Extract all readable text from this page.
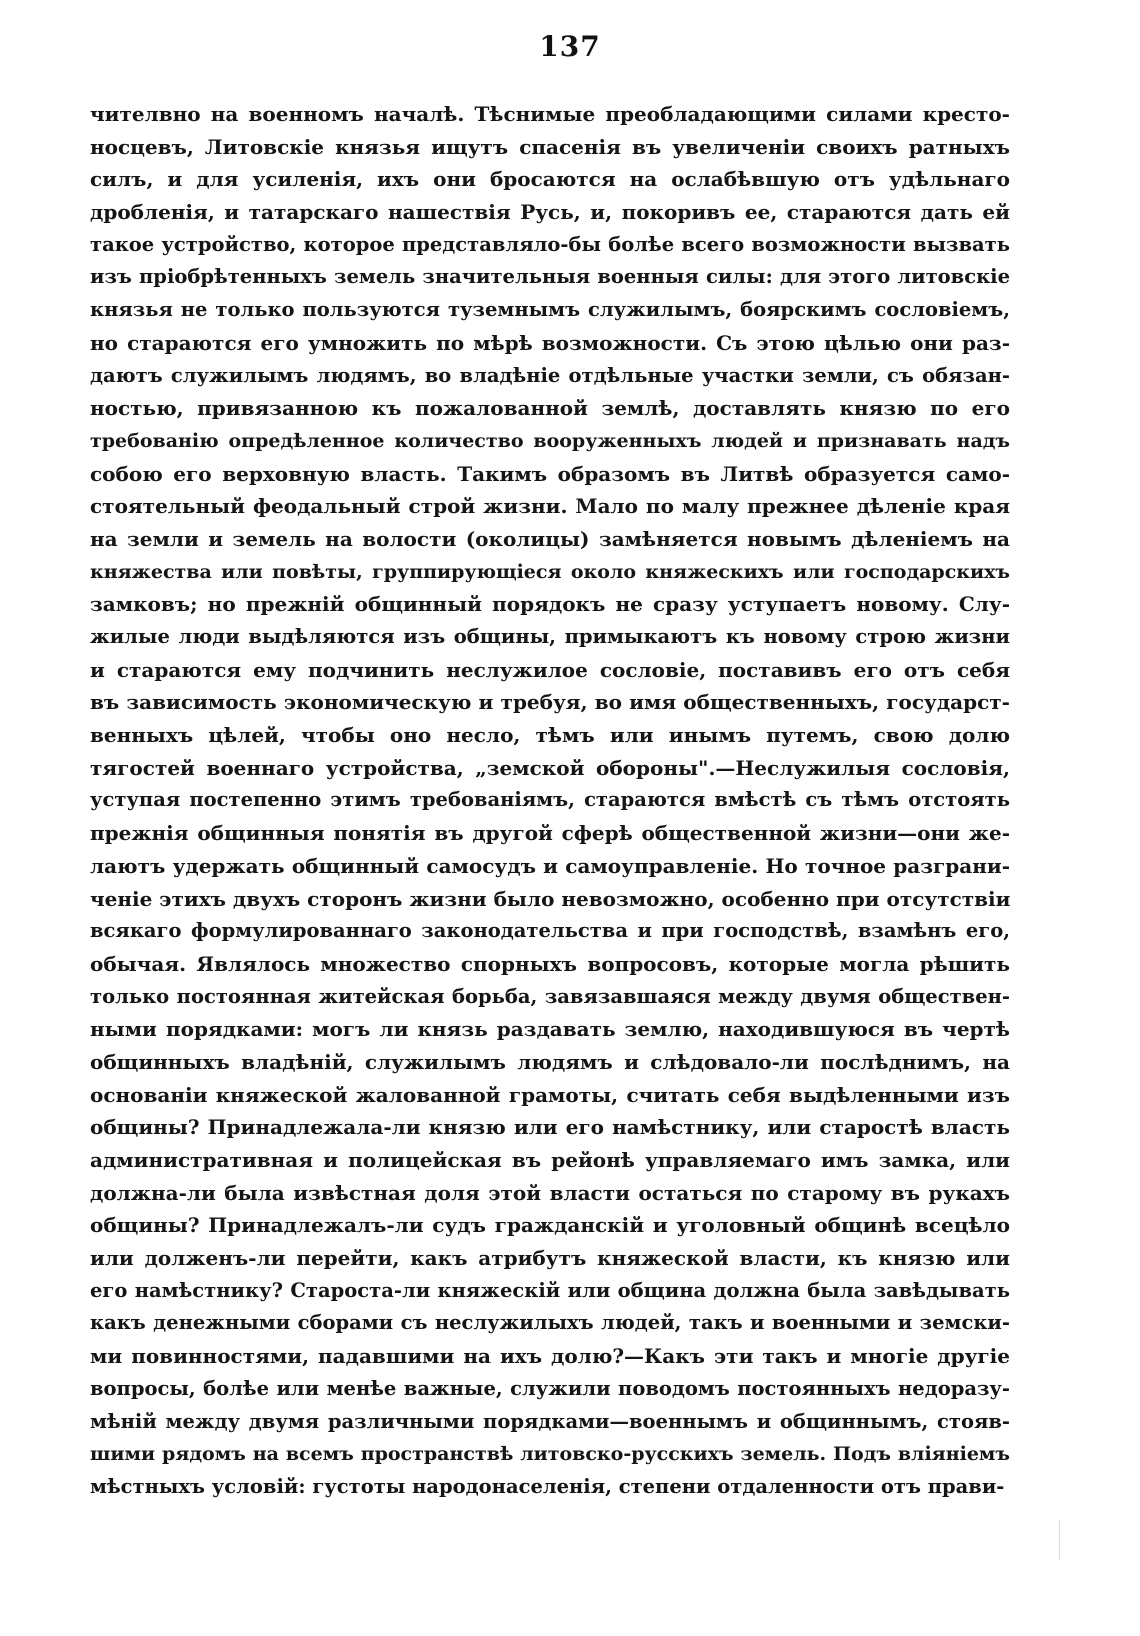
137
чителвно на военномъ началѣ. Тѣснимые преобладающими силами кресто-
носцевъ, Литовскіе князья ищутъ спасенія въ увеличеніи своихъ ратныхъ
силъ, и для усиленія, ихъ они бросаются на ослабѣвшую отъ удѣльнаго
дробленія, и татарскаго нашествія Русь, и, покоривъ ее, стараются дать ей
такое устройство, которое представляло-бы болѣе всего возможности вызвать
изъ пріобрѣтенныхъ земель значительныя военныя силы: для этого литовскіе
князья не только пользуются туземнымъ служилымъ, боярскимъ сословіемъ,
но стараются его умножить по мѣрѣ возможности. Съ этою цѣлью они раз-
даютъ служилымъ людямъ, во владѣніе отдѣльные участки земли, съ обязан-
ностью, привязанною къ пожалованной землѣ, доставлять князю по его
требованію опредѣленное количество вооруженныхъ людей и признавать надъ
собою его верховную власть. Такимъ образомъ въ Литвѣ образуется само-
стоятельный феодальный строй жизни. Мало по малу прежнее дѣленіе края
на земли и земель на волости (околицы) замѣняется новымъ дѣленіемъ на
княжества или повѣты, группирующіеся около княжескихъ или господарскихъ
замковъ; но прежній общинный порядокъ не сразу уступаетъ новому. Слу-
жилые люди выдѣляются изъ общины, примыкаютъ къ новому строю жизни
и стараются ему подчинить неслужилое сословіе, поставивъ его отъ себя
въ зависимость экономическую и требуя, во имя общественныхъ, государст-
венныхъ цѣлей, чтобы оно несло, тѣмъ или инымъ путемъ, свою долю
тягостей военнаго устройства, „земской обороны".—Неслужилыя сословія,
уступая постепенно этимъ требованіямъ, стараются вмѣстѣ съ тѣмъ отстоять
прежнія общинныя понятія въ другой сферѣ общественной жизни—они же-
лаютъ удержать общинный самосудъ и самоуправленіе. Но точное разграни-
ченіе этихъ двухъ сторонъ жизни было невозможно, особенно при отсутствіи
всякаго формулированнаго законодательства и при господствѣ, взамѣнъ его,
обычая. Являлось множество спорныхъ вопросовъ, которые могла рѣшить
только постоянная житейская борьба, завязавшаяся между двумя обществен-
ными порядками: могъ ли князь раздавать землю, находившуюся въ чертѣ
общинныхъ владѣній, служилымъ людямъ и слѣдовало-ли послѣднимъ, на
основаніи княжеской жалованной грамоты, считать себя выдѣленными изъ
общины? Принадлежала-ли князю или его намѣстнику, или старостѣ власть
административная и полицейская въ рейонѣ управляемаго имъ замка, или
должна-ли была извѣстная доля этой власти остаться по старому въ рукахъ
общины? Принадлежалъ-ли судъ гражданскій и уголовный общинѣ всецѣло
или долженъ-ли перейти, какъ атрибутъ княжеской власти, къ князю или
его намѣстнику? Староста-ли княжескій или община должна была завѣдывать
какъ денежными сборами съ неслужилыхъ людей, такъ и военными и земски-
ми повинностями, падавшими на ихъ долю?—Какъ эти такъ и многіе другіе
вопросы, болѣе или менѣе важные, служили поводомъ постоянныхъ недоразу-
мѣній между двумя различными порядками—военнымъ и общиннымъ, стояв-
шими рядомъ на всемъ пространствѣ литовско-русскихъ земель. Подъ вліяніемъ
мѣстныхъ условій: густоты народонаселенія, степени отдаленности отъ прави-
